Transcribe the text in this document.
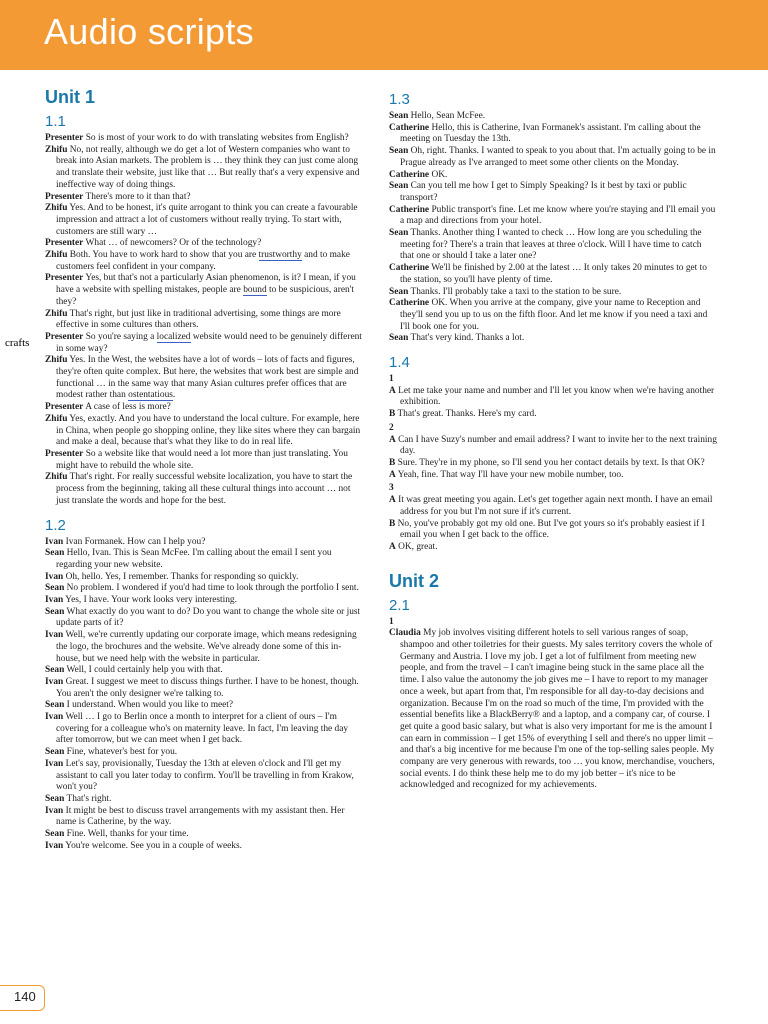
Audio scripts
crafts
Unit 1
1.1

Presenter So is most of your work to do with translating websites from English?

Zhifu No, not really, although we do get a lot of Western companies who want to break into Asian markets. The problem is … they think they can just come along and translate their website, just like that … But really that's a very expensive and ineffective way of doing things.

Presenter There's more to it than that?

Zhifu Yes. And to be honest, it's quite arrogant to think you can create a favourable impression and attract a lot of customers without really trying. To start with, customers are still wary …

Presenter What … of newcomers? Or of the technology?

Zhifu Both. You have to work hard to show that you are trustworthy and to make customers feel confident in your company.

Presenter Yes, but that's not a particularly Asian phenomenon, is it? I mean, if you have a website with spelling mistakes, people are bound to be suspicious, aren't they?

Zhifu That's right, but just like in traditional advertising, some things are more effective in some cultures than others.

Presenter So you're saying a localized website would need to be genuinely different in some way?

Zhifu Yes. In the West, the websites have a lot of words – lots of facts and figures, they're often quite complex. But here, the websites that work best are simple and functional … in the same way that many Asian cultures prefer offices that are modest rather than ostentatious.

Presenter A case of less is more?

Zhifu Yes, exactly. And you have to understand the local culture. For example, here in China, when people go shopping online, they like sites where they can bargain and make a deal, because that's what they like to do in real life.

Presenter So a website like that would need a lot more than just translating. You might have to rebuild the whole site.

Zhifu That's right. For really successful website localization, you have to start the process from the beginning, taking all these cultural things into account … not just translate the words and hope for the best.

1.2

Ivan Ivan Formanek. How can I help you?

Sean Hello, Ivan. This is Sean McFee. I'm calling about the email I sent you regarding your new website.

Ivan Oh, hello. Yes, I remember. Thanks for responding so quickly.

Sean No problem. I wondered if you'd had time to look through the portfolio I sent.

Ivan Yes, I have. Your work looks very interesting.

Sean What exactly do you want to do? Do you want to change the whole site or just update parts of it?

Ivan Well, we're currently updating our corporate image, which means redesigning the logo, the brochures and the website. We've already done some of this in-house, but we need help with the website in particular.

Sean Well, I could certainly help you with that.

Ivan Great. I suggest we meet to discuss things further. I have to be honest, though. You aren't the only designer we're talking to.

Sean I understand. When would you like to meet?

Ivan Well … I go to Berlin once a month to interpret for a client of ours – I'm covering for a colleague who's on maternity leave. In fact, I'm leaving the day after tomorrow, but we can meet when I get back.

Sean Fine, whatever's best for you.

Ivan Let's say, provisionally, Tuesday the 13th at eleven o'clock and I'll get my assistant to call you later today to confirm. You'll be travelling in from Krakow, won't you?

Sean That's right.

Ivan It might be best to discuss travel arrangements with my assistant then. Her name is Catherine, by the way.

Sean Fine. Well, thanks for your time.

Ivan You're welcome. See you in a couple of weeks.

1.3

Sean Hello, Sean McFee.

Catherine Hello, this is Catherine, Ivan Formanek's assistant. I'm calling about the meeting on Tuesday the 13th.

Sean Oh, right. Thanks. I wanted to speak to you about that. I'm actually going to be in Prague already as I've arranged to meet some other clients on the Monday.

Catherine OK.

Sean Can you tell me how I get to Simply Speaking? Is it best by taxi or public transport?

Catherine Public transport's fine. Let me know where you're staying and I'll email you a map and directions from your hotel.

Sean Thanks. Another thing I wanted to check … How long are you scheduling the meeting for? There's a train that leaves at three o'clock. Will I have time to catch that one or should I take a later one?

Catherine We'll be finished by 2.00 at the latest … It only takes 20 minutes to get to the station, so you'll have plenty of time.

Sean Thanks. I'll probably take a taxi to the station to be sure.

Catherine OK. When you arrive at the company, give your name to Reception and they'll send you up to us on the fifth floor. And let me know if you need a taxi and I'll book one for you.

Sean That's very kind. Thanks a lot.

1.4
1

A Let me take your name and number and I'll let you know when we're having another exhibition.

B That's great. Thanks. Here's my card.

2

A Can I have Suzy's number and email address? I want to invite her to the next training day.

B Sure. They're in my phone, so I'll send you her contact details by text. Is that OK?

A Yeah, fine. That way I'll have your new mobile number, too.

3

A It was great meeting you again. Let's get together again next month. I have an email address for you but I'm not sure if it's current.

B No, you've probably got my old one. But I've got yours so it's probably easiest if I email you when I get back to the office.

A OK, great.

Unit 2
2.1
1

Claudia My job involves visiting different hotels to sell various ranges of soap, shampoo and other toiletries for their guests. My sales territory covers the whole of Germany and Austria. I love my job. I get a lot of fulfilment from meeting new people, and from the travel – I can't imagine being stuck in the same place all the time. I also value the autonomy the job gives me – I have to report to my manager once a week, but apart from that, I'm responsible for all day-to-day decisions and organization. Because I'm on the road so much of the time, I'm provided with the essential benefits like a BlackBerry® and a laptop, and a company car, of course. I get quite a good basic salary, but what is also very important for me is the amount I can earn in commission – I get 15% of everything I sell and there's no upper limit – and that's a big incentive for me because I'm one of the top-selling sales people. My company are very generous with rewards, too … you know, merchandise, vouchers, social events. I do think these help me to do my job better – it's nice to be acknowledged and recognized for my achievements.

140
